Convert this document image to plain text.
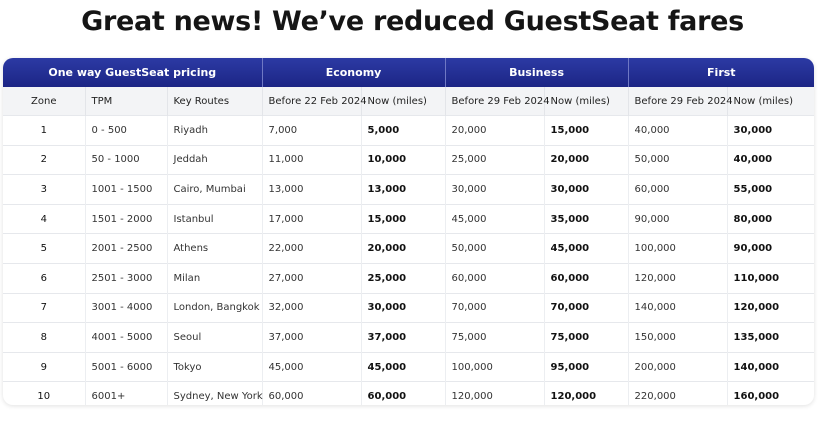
Great news! We’ve reduced GuestSeat fares
One way GuestSeat pricing			Economy		Business		First	
Zone	TPM	Key Routes	Before 22 Feb 2024	Now (miles)	Before 29 Feb 2024	Now (miles)	Before 29 Feb 2024	Now (miles)
1	0 - 500	Riyadh	7,000	5,000	20,000	15,000	40,000	30,000
2	50 - 1000	Jeddah	11,000	10,000	25,000	20,000	50,000	40,000
3	1001 - 1500	Cairo, Mumbai	13,000	13,000	30,000	30,000	60,000	55,000
4	1501 - 2000	Istanbul	17,000	15,000	45,000	35,000	90,000	80,000
5	2001 - 2500	Athens	22,000	20,000	50,000	45,000	100,000	90,000
6	2501 - 3000	Milan	27,000	25,000	60,000	60,000	120,000	110,000
7	3001 - 4000	London, Bangkok	32,000	30,000	70,000	70,000	140,000	120,000
8	4001 - 5000	Seoul	37,000	37,000	75,000	75,000	150,000	135,000
9	5001 - 6000	Tokyo	45,000	45,000	100,000	95,000	200,000	140,000
10	6001+	Sydney, New York	60,000	60,000	120,000	120,000	220,000	160,000
